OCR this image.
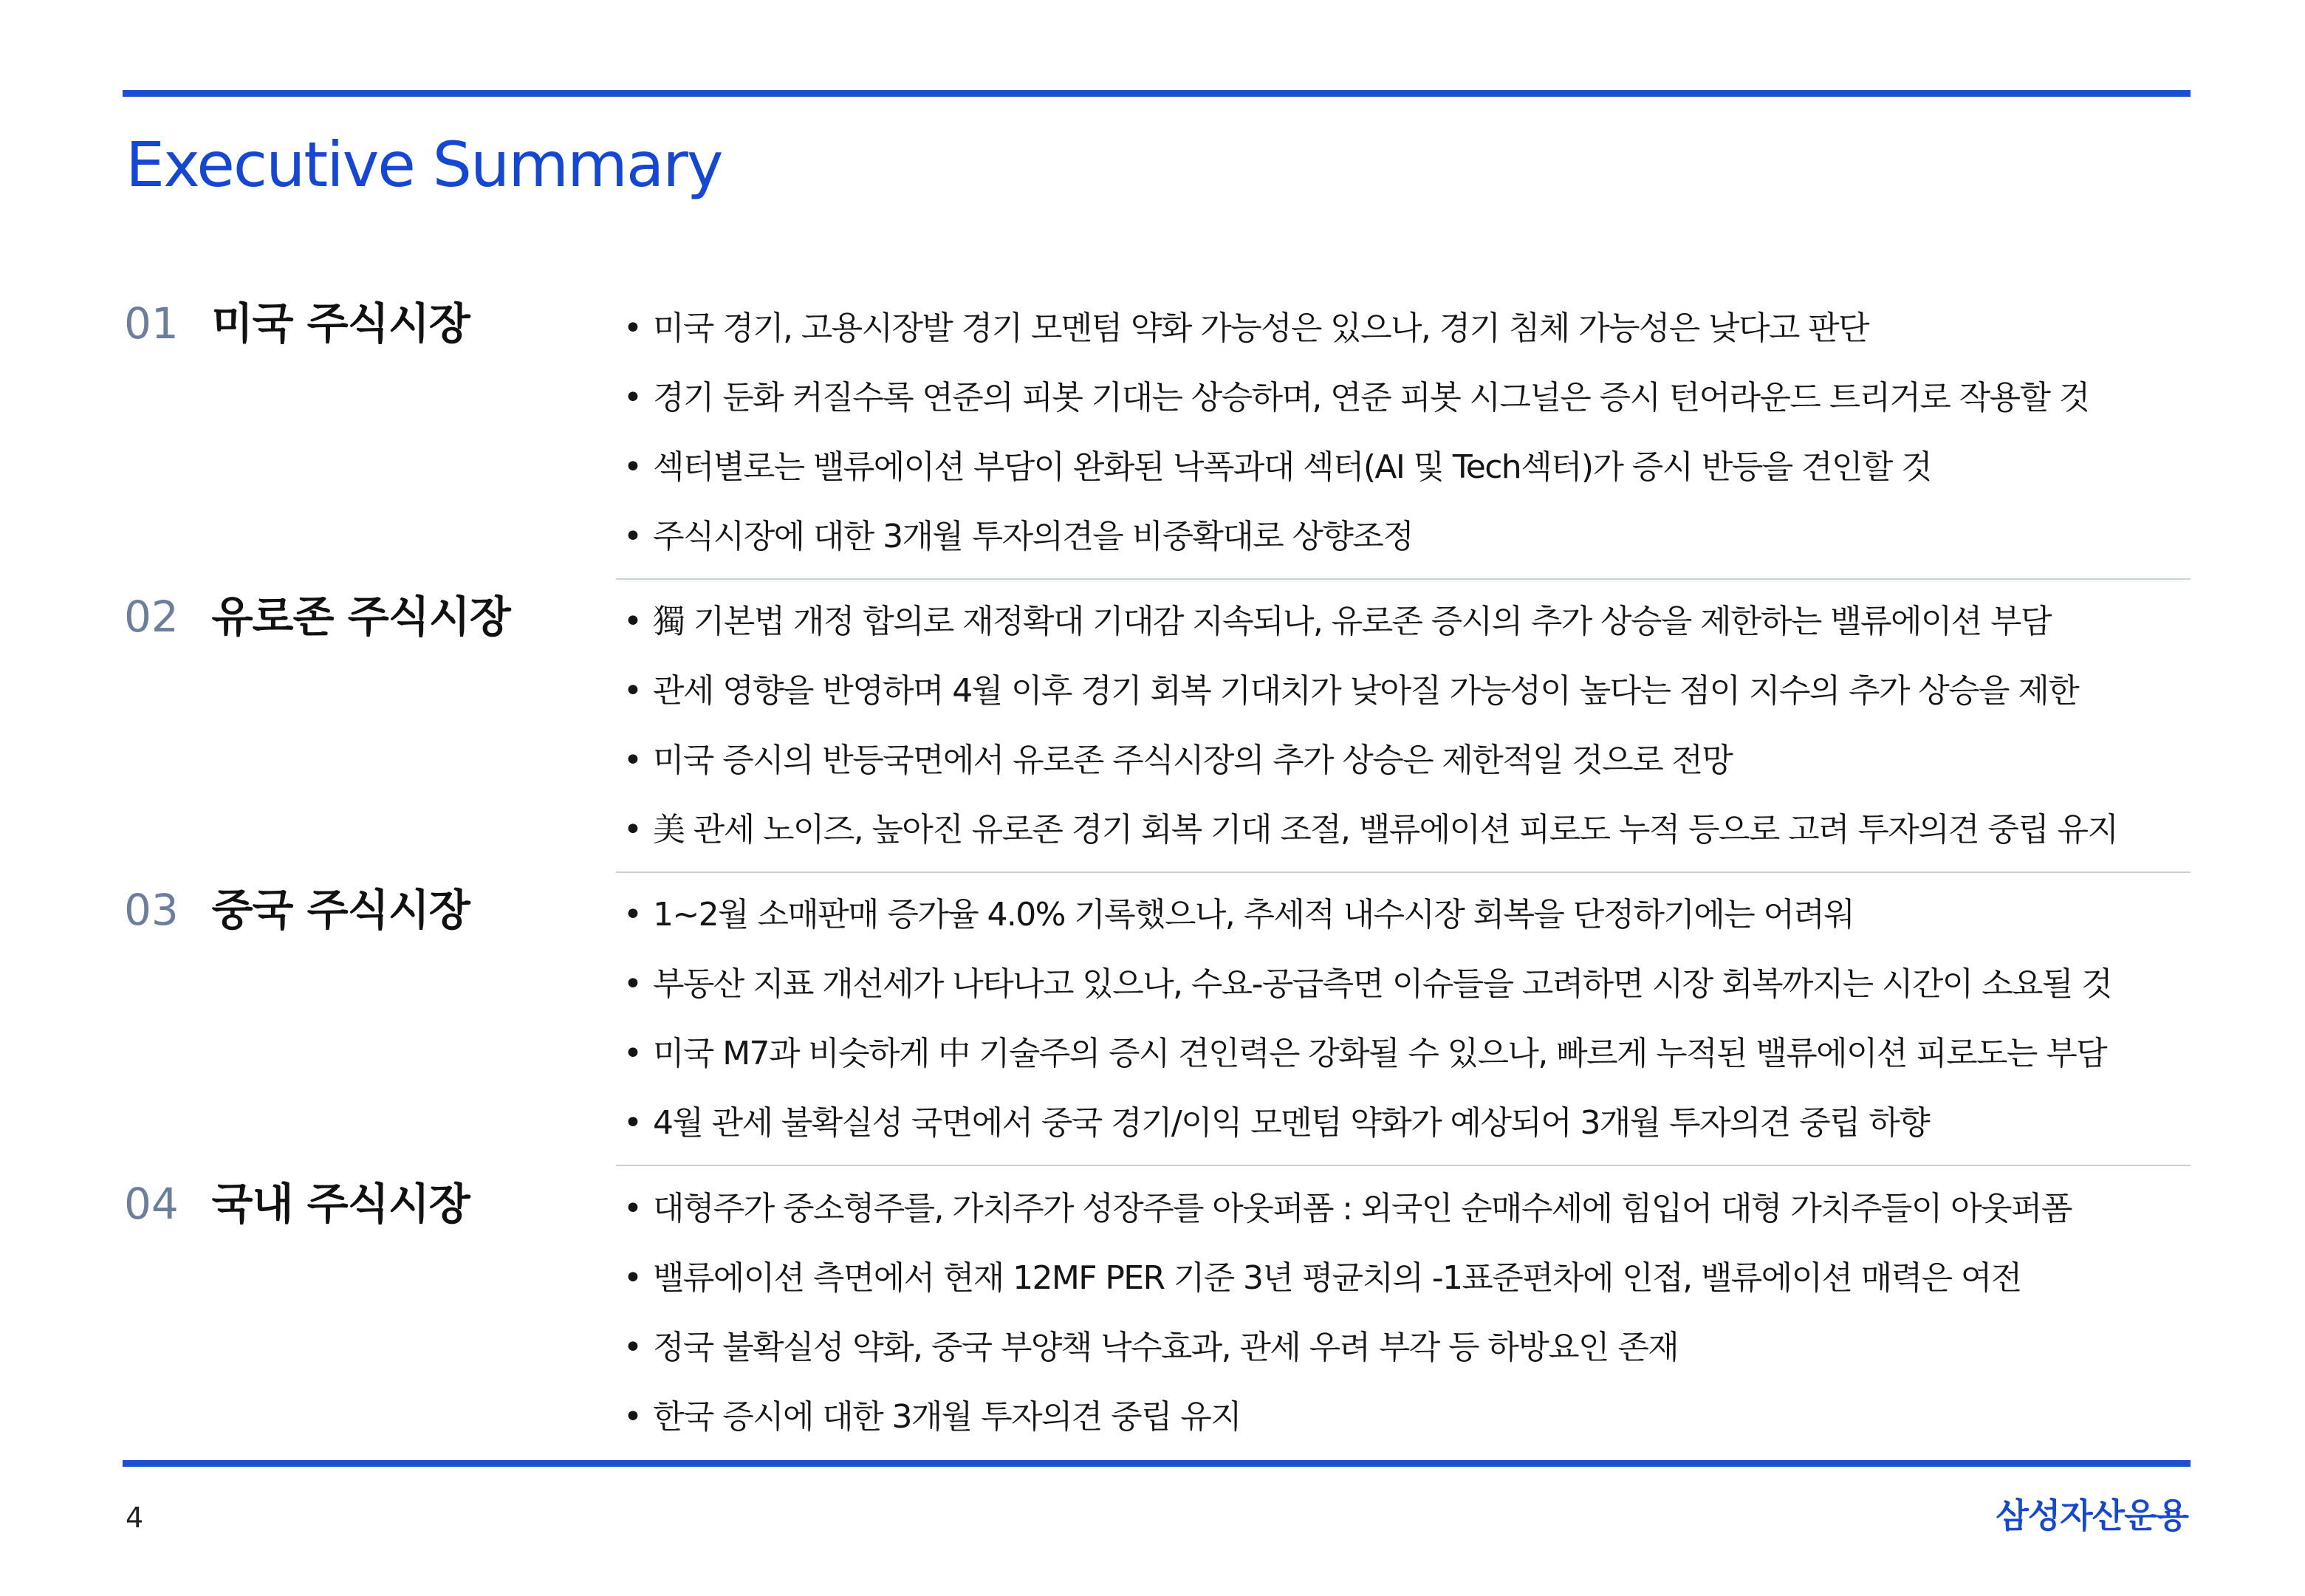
Executive Summary
01 미국 주식시장	• 미국 경기, 고용시장발 경기 모멘텀 약화 가능성은 있으나, 경기 침체 가능성은 낮다고 판단
• 경기 둔화 커질수록 연준의 피봇 기대는 상승하며, 연준 피봇 시그널은 증시 턴어라운드 트리거로 작용할 것
• 섹터별로는 밸류에이션 부담이 완화된 낙폭과대 섹터(AI 및 Tech섹터)가 증시 반등을 견인할 것
• 주식시장에 대한 3개월 투자의견을 비중확대로 상향조정
02 유로존 주식시장	• 獨 기본법 개정 합의로 재정확대 기대감 지속되나, 유로존 증시의 추가 상승을 제한하는 밸류에이션 부담
• 관세 영향을 반영하며 4월 이후 경기 회복 기대치가 낮아질 가능성이 높다는 점이 지수의 추가 상승을 제한
• 미국 증시의 반등국면에서 유로존 주식시장의 추가 상승은 제한적일 것으로 전망
• 美 관세 노이즈, 높아진 유로존 경기 회복 기대 조절, 밸류에이션 피로도 누적 등으로 고려 투자의견 중립 유지
03 중국 주식시장	• 1~2월 소매판매 증가율 4.0% 기록했으나, 추세적 내수시장 회복을 단정하기에는 어려워
• 부동산 지표 개선세가 나타나고 있으나, 수요-공급측면 이슈들을 고려하면 시장 회복까지는 시간이 소요될 것
• 미국 M7과 비슷하게 中 기술주의 증시 견인력은 강화될 수 있으나, 빠르게 누적된 밸류에이션 피로도는 부담
• 4월 관세 불확실성 국면에서 중국 경기/이익 모멘텀 약화가 예상되어 3개월 투자의견 중립 하향
04 국내 주식시장	• 대형주가 중소형주를, 가치주가 성장주를 아웃퍼폼 : 외국인 순매수세에 힘입어 대형 가치주들이 아웃퍼폼
• 밸류에이션 측면에서 현재 12MF PER 기준 3년 평균치의 -1표준편차에 인접, 밸류에이션 매력은 여전
• 정국 불확실성 약화, 중국 부양책 낙수효과, 관세 우려 부각 등 하방요인 존재
• 한국 증시에 대한 3개월 투자의견 중립 유지
4	삼성자산운용
